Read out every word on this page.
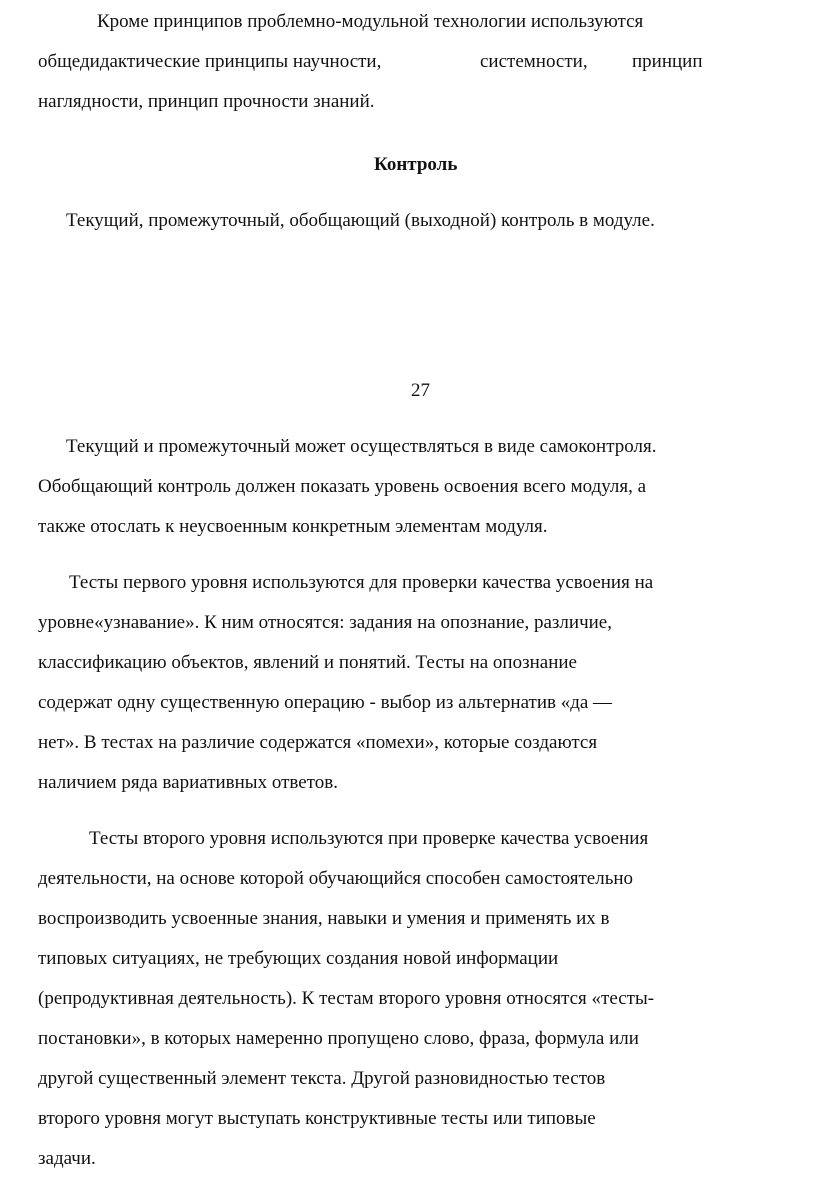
Кроме принципов проблемно-модульной технологии используются
общедидактические принципы научности,	системности, принцип
наглядности, принцип прочности знаний.
Контроль
Текущий, промежуточный, обобщающий (выходной) контроль в модуле.
27
Текущий и промежуточный может осуществляться в виде самоконтроля.
Обобщающий контроль должен показать уровень освоения всего модуля, а
также отослать к неусвоенным конкретным элементам модуля.
Тесты первого уровня используются для проверки качества усвоения на
уровне«узнавание». К ним относятся: задания на опознание, различие,
классификацию объектов, явлений и понятий. Тесты на опознание
содержат одну существенную операцию - выбор из альтернатив «да —
нет». В тестах на различие содержатся «помехи», которые создаются
наличием ряда вариативных ответов.
Тесты второго уровня используются при проверке качества усвоения
деятельности, на основе которой обучающийся способен самостоятельно
воспроизводить усвоенные знания, навыки и умения и применять их в
типовых ситуациях, не требующих создания новой информации
(репродуктивная деятельность). К тестам второго уровня относятся «тесты-
постановки», в которых намеренно пропущено слово, фраза, формула или
другой существенный элемент текста. Другой разновидностью тестов
второго уровня могут выступать конструктивные тесты или типовые
задачи.
